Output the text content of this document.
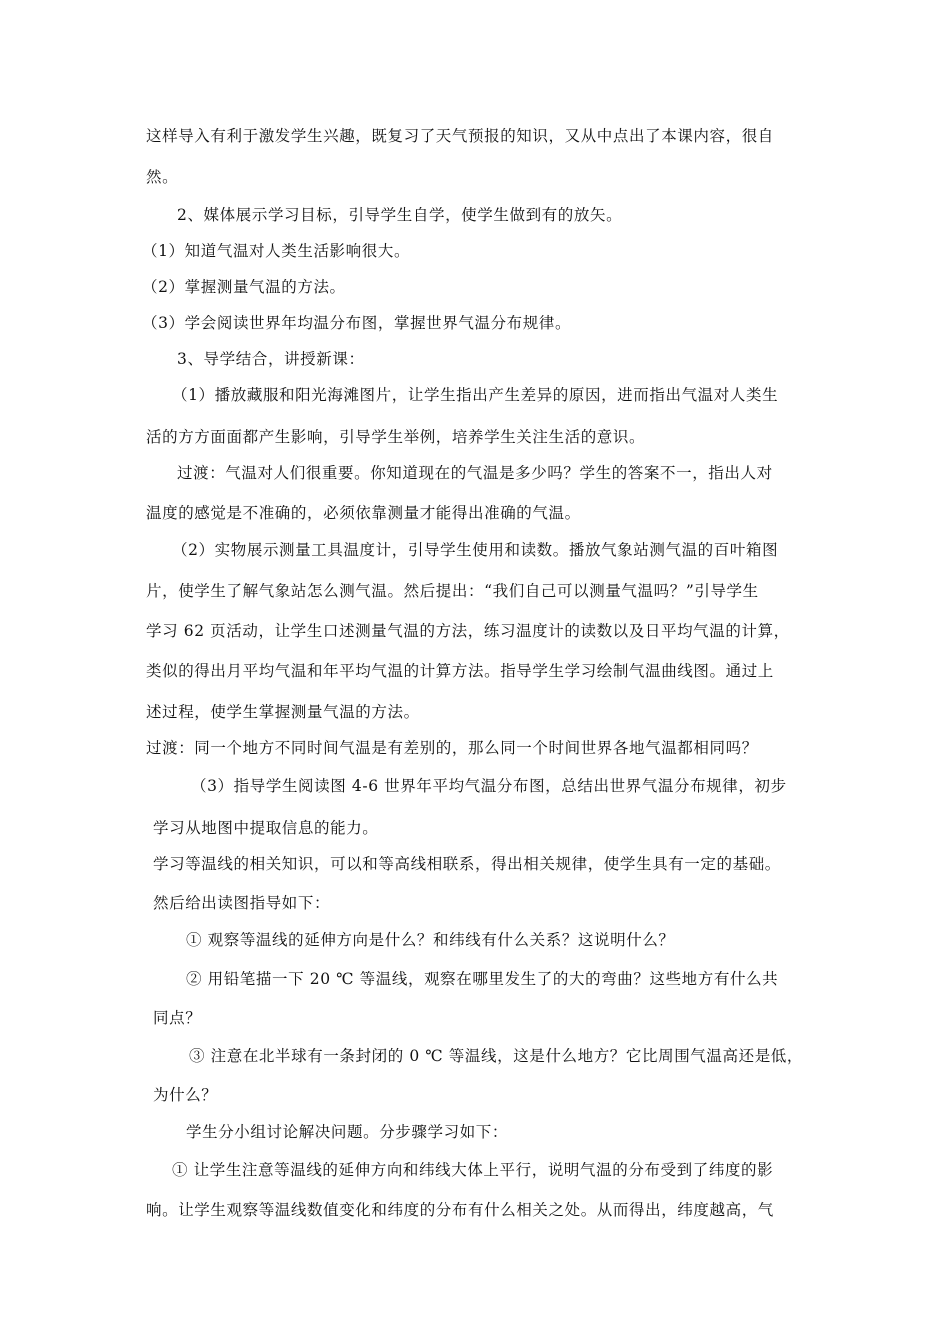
这样导入有利于激发学生兴趣，既复习了天气预报的知识，又从中点出了本课内容，很自
然。
2、媒体展示学习目标，引导学生自学，使学生做到有的放矢。
（1）知道气温对人类生活影响很大。
（2）掌握测量气温的方法。
（3）学会阅读世界年均温分布图，掌握世界气温分布规律。
3、导学结合，讲授新课：
（1）播放藏服和阳光海滩图片，让学生指出产生差异的原因，进而指出气温对人类生
活的方方面面都产生影响，引导学生举例，培养学生关注生活的意识。
过渡：气温对人们很重要。你知道现在的气温是多少吗？学生的答案不一，指出人对
温度的感觉是不准确的，必须依靠测量才能得出准确的气温。
（2）实物展示测量工具温度计，引导学生使用和读数。播放气象站测气温的百叶箱图
片，使学生了解气象站怎么测气温。然后提出：“我们自己可以测量气温吗？”引导学生
学习 62 页活动，让学生口述测量气温的方法，练习温度计的读数以及日平均气温的计算，
类似的得出月平均气温和年平均气温的计算方法。指导学生学习绘制气温曲线图。通过上
述过程，使学生掌握测量气温的方法。
过渡：同一个地方不同时间气温是有差别的，那么同一个时间世界各地气温都相同吗？
（3）指导学生阅读图 4-6 世界年平均气温分布图，总结出世界气温分布规律，初步
学习从地图中提取信息的能力。
学习等温线的相关知识，可以和等高线相联系，得出相关规律，使学生具有一定的基础。
然后给出读图指导如下：
① 观察等温线的延伸方向是什么？和纬线有什么关系？这说明什么？
② 用铅笔描一下 20 ℃ 等温线，观察在哪里发生了的大的弯曲？这些地方有什么共
同点？
③ 注意在北半球有一条封闭的 0 ℃ 等温线，这是什么地方？它比周围气温高还是低，
为什么？
学生分小组讨论解决问题。分步骤学习如下：
① 让学生注意等温线的延伸方向和纬线大体上平行，说明气温的分布受到了纬度的影
响。让学生观察等温线数值变化和纬度的分布有什么相关之处。从而得出，纬度越高，气
